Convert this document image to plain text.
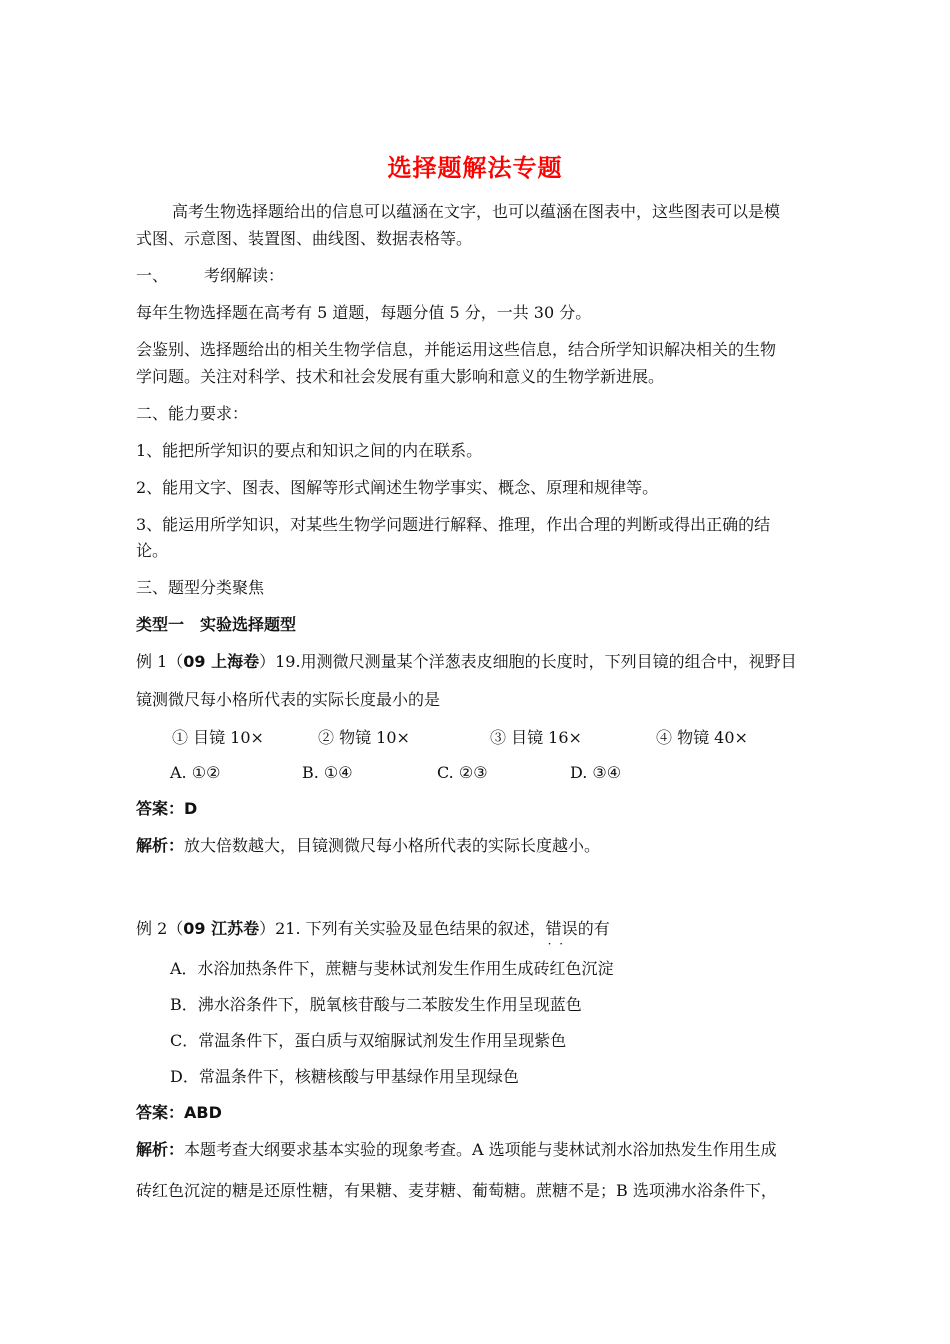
选择题解法专题
高考生物选择题给出的信息可以蕴涵在文字，也可以蕴涵在图表中，这些图表可以是模
式图、示意图、装置图、曲线图、数据表格等。
一、 考纲解读：
每年生物选择题在高考有 5 道题，每题分值 5 分，一共 30 分。
会鉴别、选择题给出的相关生物学信息，并能运用这些信息，结合所学知识解决相关的生物
学问题。关注对科学、技术和社会发展有重大影响和意义的生物学新进展。
二、能力要求：
1、能把所学知识的要点和知识之间的内在联系。
2、能用文字、图表、图解等形式阐述生物学事实、概念、原理和规律等。
3、能运用所学知识，对某些生物学问题进行解释、推理，作出合理的判断或得出正确的结
论。
三、题型分类聚焦
类型一　实验选择题型
例 1（09 上海卷）19.用测微尺测量某个洋葱表皮细胞的长度时，下列目镜的组合中，视野目
镜测微尺每小格所代表的实际长度最小的是
① 目镜 10×	② 物镜 10×	③ 目镜 16×	④ 物镜 40×
A. ①②	B. ①④	C. ②③	D. ③④
答案：D
解析：放大倍数越大，目镜测微尺每小格所代表的实际长度越小。
例 2（09 江苏卷）21. 下列有关实验及显色结果的叙述，错误 · ·的有
A．水浴加热条件下，蔗糖与斐林试剂发生作用生成砖红色沉淀
B．沸水浴条件下，脱氧核苷酸与二苯胺发生作用呈现蓝色
C．常温条件下，蛋白质与双缩脲试剂发生作用呈现紫色
D．常温条件下，核糖核酸与甲基绿作用呈现绿色
答案：ABD
解析：本题考查大纲要求基本实验的现象考查。A 选项能与斐林试剂水浴加热发生作用生成
砖红色沉淀的糖是还原性糖，有果糖、麦芽糖、葡萄糖。蔗糖不是；B 选项沸水浴条件下，
